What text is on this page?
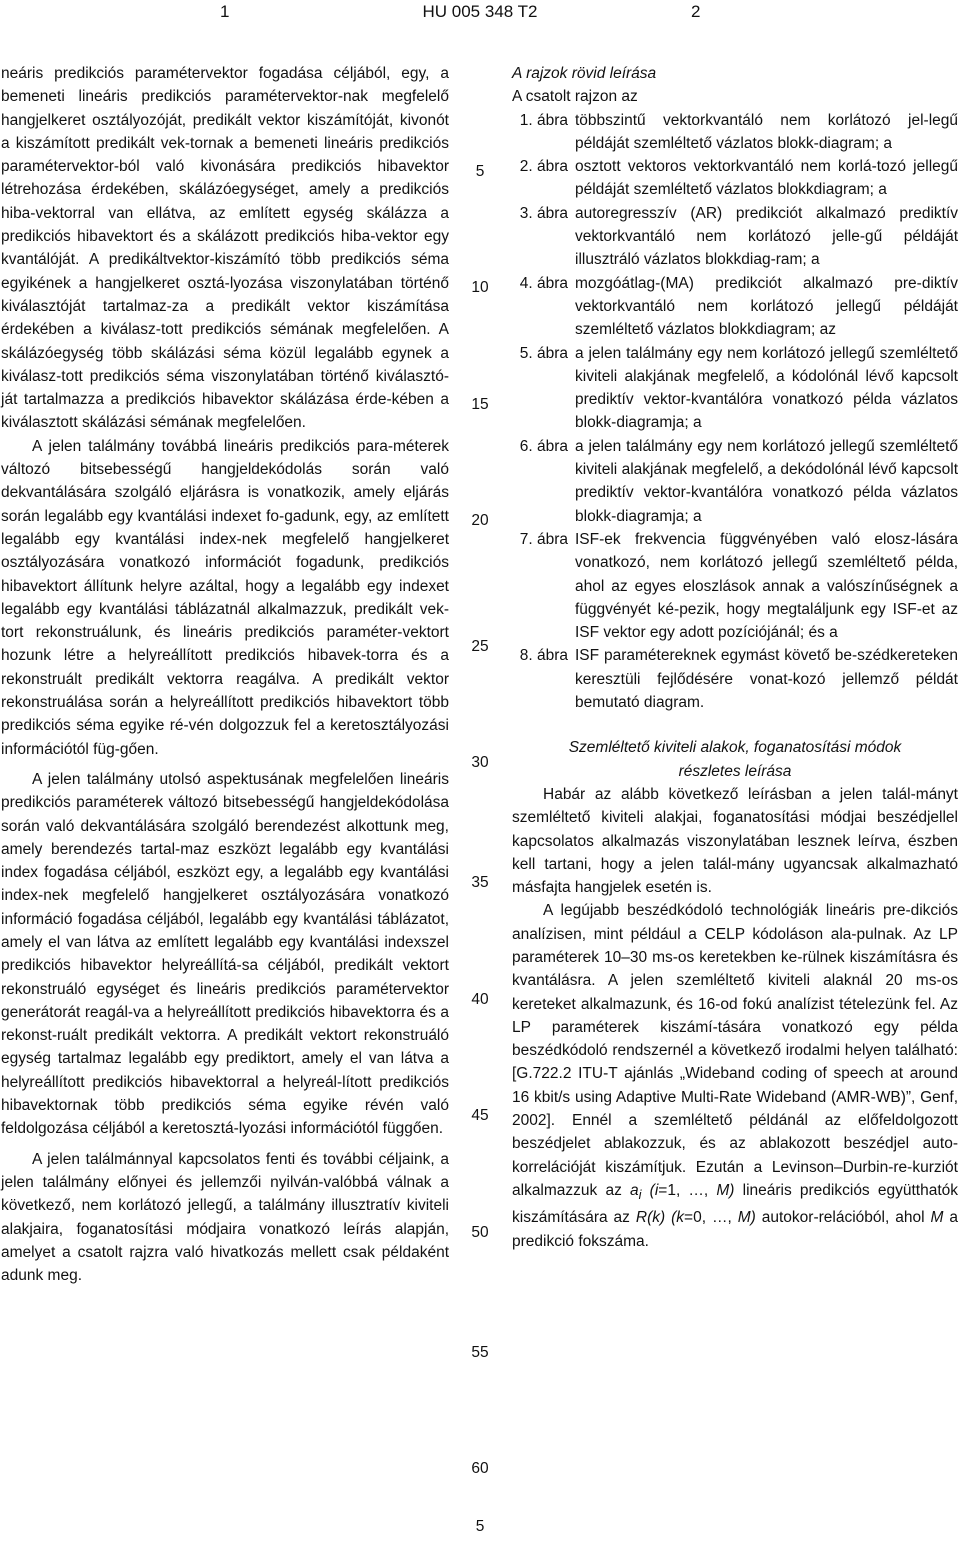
1	HU 005 348 T2	2

neáris predikciós paramétervektor fogadása céljából, egy, a bemeneti lineáris predikciós paramétervektor-nak megfelelő hangjelkeret osztályozóját, predikált vektor kiszámítóját, kivonót a kiszámított predikált vek-tornak a bemeneti lineáris predikciós paramétervektor-ból való kivonására predikciós hibavektor létrehozása érdekében, skálázóegységet, amely a predikciós hiba-vektorral van ellátva, az említett egység skálázza a predikciós hibavektort és a skálázott predikciós hiba-vektor egy kvantálóját. A predikáltvektor-kiszámító több predikciós séma egyikének a hangjelkeret osztá-lyozása viszonylatában történő kiválasztóját tartalmaz-za a predikált vektor kiszámítása érdekében a kiválasz-tott predikciós sémának megfelelően. A skálázóegység több skálázási séma közül legalább egynek a kiválasz-tott predikciós séma viszonylatában történő kiválasztó-ját tartalmazza a predikciós hibavektor skálázása érde-kében a kiválasztott skálázási sémának megfelelően.

A jelen találmány továbbá lineáris predikciós para-méterek változó bitsebességű hangjeldekódolás során való dekvantálására szolgáló eljárásra is vonatkozik, amely eljárás során legalább egy kvantálási indexet fo-gadunk, egy, az említett legalább egy kvantálási index-nek megfelelő hangjelkeret osztályozására vonatkozó információt fogadunk, predikciós hibavektort állítunk helyre azáltal, hogy a legalább egy indexet legalább egy kvantálási táblázatnál alkalmazzuk, predikált vek-tort rekonstruálunk, és lineáris predikciós paraméter-vektort hozunk létre a helyreállított predikciós hibavek-torra és a rekonstruált predikált vektorra reagálva. A predikált vektor rekonstruálása során a helyreállított predikciós hibavektort több predikciós séma egyike ré-vén dolgozzuk fel a keretosztályozási információtól füg-gően.

A jelen találmány utolsó aspektusának megfelelően lineáris predikciós paraméterek változó bitsebességű hangjeldekódolása során való dekvantálására szolgáló berendezést alkottunk meg, amely berendezés tartal-maz eszközt legalább egy kvantálási index fogadása céljából, eszközt egy, a legalább egy kvantálási index-nek megfelelő hangjelkeret osztályozására vonatkozó információ fogadása céljából, legalább egy kvantálási táblázatot, amely el van látva az említett legalább egy kvantálási indexszel predikciós hibavektor helyreállítá-sa céljából, predikált vektort rekonstruáló egységet és lineáris predikciós paramétervektor generátorát reagál-va a helyreállított predikciós hibavektorra és a rekonst-ruált predikált vektorra. A predikált vektort rekonstruáló egység tartalmaz legalább egy prediktort, amely el van látva a helyreállított predikciós hibavektorral a helyreál-lított predikciós hibavektornak több predikciós séma egyike révén való feldolgozása céljából a keretosztá-lyozási információtól függően.

A jelen találmánnyal kapcsolatos fenti és további céljaink, a jelen találmány előnyei és jellemzői nyilván-valóbbá válnak a következő, nem korlátozó jellegű, a találmány illusztratív kiviteli alakjaira, foganatosítási módjaira vonatkozó leírás alapján, amelyet a csatolt rajzra való hivatkozás mellett csak példaként adunk meg.

5
10
15
20
25
30
35
40
45
50
55
60

A rajzok rövid leírása

A csatolt rajzon az

1. ábra többszintű vektorkvantáló nem korlátozó jel-legű példáját szemléltető vázlatos blokk-diagram; a
2. ábra osztott vektoros vektorkvantáló nem korlá-tozó jellegű példáját szemléltető vázlatos blokkdiagram; a
3. ábra autoregresszív (AR) predikciót alkalmazó prediktív vektorkvantáló nem korlátozó jelle-gű példáját illusztráló vázlatos blokkdiag-ram; a
4. ábra mozgóátlag-(MA) predikciót alkalmazó pre-diktív vektorkvantáló nem korlátozó jellegű példáját szemléltető vázlatos blokkdiagram; az
5. ábra a jelen találmány egy nem korlátozó jellegű szemléltető kiviteli alakjának megfelelő, a kódolónál lévő kapcsolt prediktív vektor-kvantálóra vonatkozó példa vázlatos blokk-diagramja; a
6. ábra a jelen találmány egy nem korlátozó jellegű szemléltető kiviteli alakjának megfelelő, a dekódolónál lévő kapcsolt prediktív vektor-kvantálóra vonatkozó példa vázlatos blokk-diagramja; a
7. ábra ISF-ek frekvencia függvényében való elosz-lására vonatkozó, nem korlátozó jellegű szemléltető példa, ahol az egyes eloszlások annak a valószínűségnek a függvényét ké-pezik, hogy megtaláljunk egy ISF-et az ISF vektor egy adott pozíciójánál; és a
8. ábra ISF paramétereknek egymást követő be-szédkereteken keresztüli fejlődésére vonat-kozó jellemző példát bemutató diagram.

Szemléltető kiviteli alakok, foganatosítási módok részletes leírása

Habár az alább következő leírásban a jelen talál-mányt szemléltető kiviteli alakjai, foganatosítási módjai beszédjellel kapcsolatos alkalmazás viszonylatában lesznek leírva, észben kell tartani, hogy a jelen talál-mány ugyancsak alkalmazható másfajta hangjelek esetén is.

A legújabb beszédkódoló technológiák lineáris pre-dikciós analízisen, mint például a CELP kódoláson ala-pulnak. Az LP paraméterek 10–30 ms-os keretekben ke-rülnek kiszámításra és kvantálásra. A jelen szemléltető kiviteli alaknál 20 ms-os kereteket alkalmazunk, és 16-od fokú analízist tételezünk fel. Az LP paraméterek kiszámí-tására vonatkozó egy példa beszédkódoló rendszernél a következő irodalmi helyen található: [G.722.2 ITU-T ajánlás „Wideband coding of speech at around 16 kbit/s using Adaptive Multi-Rate Wideband (AMR-WB)”, Genf, 2002]. Ennél a szemléltető példánál az előfeldolgozott beszédjelet ablakozzuk, és az ablakozott beszédjel auto-korrelációját kiszámítjuk. Ezután a Levinson–Durbin-re-kurziót alkalmazzuk az $a_i$ (i=1, …, M) lineáris predikciós együtthatók kiszámítására az R(k) (k=0, …, M) autokor-relációból, ahol M a predikció fokszáma.

5
